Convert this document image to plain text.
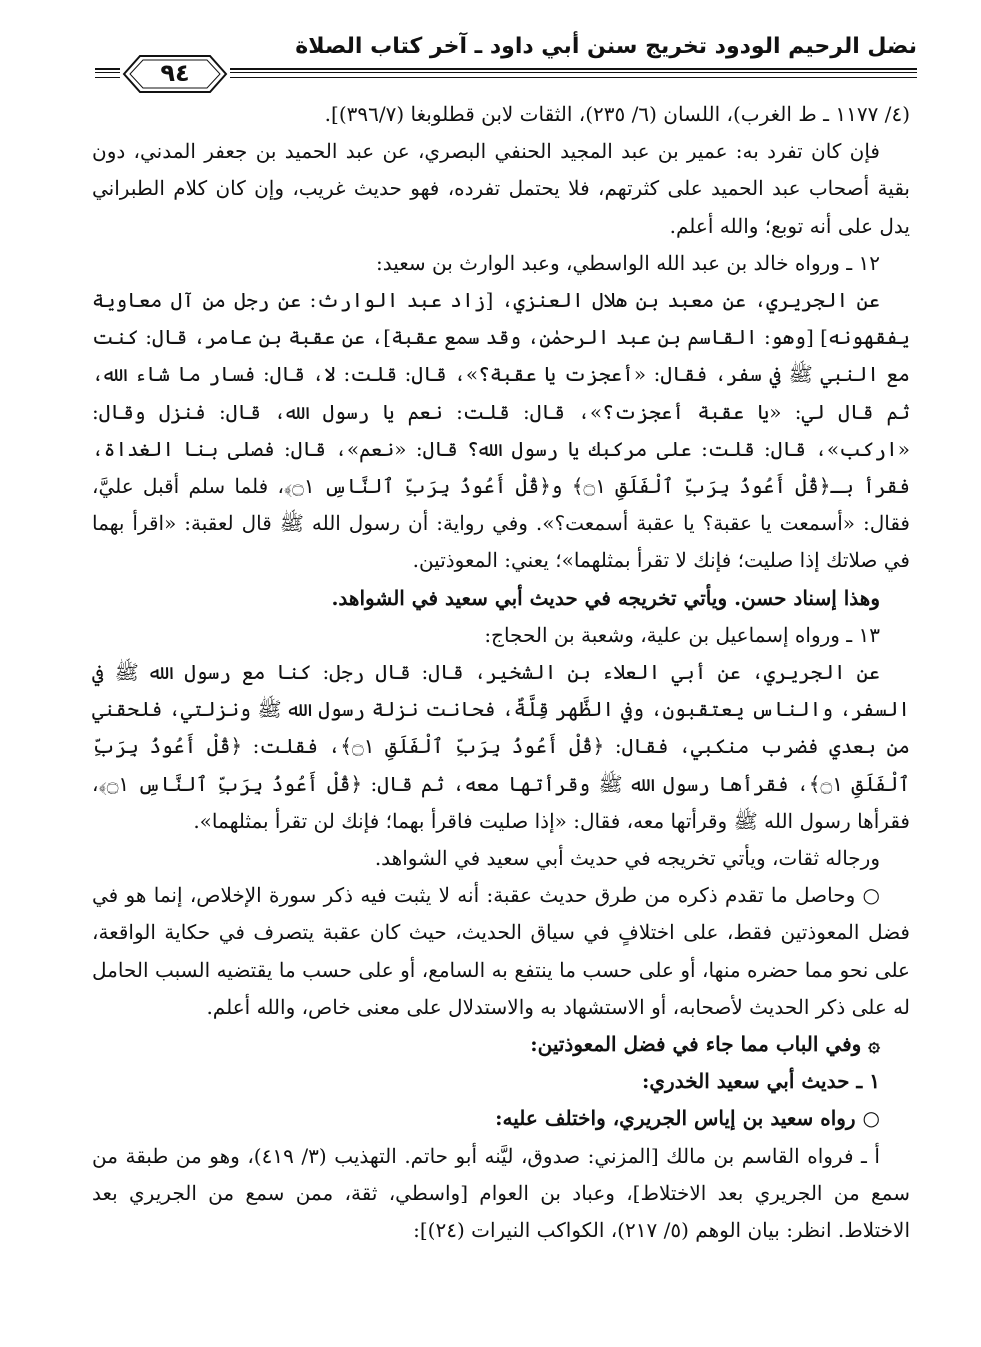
نضل الرحيم الودود تخريج سنن أبي داود ـ آخر كتاب الصلاة
٩٤

(٤/ ١١٧٧ ـ ط الغرب)، اللسان (٦/ ٢٣٥)، الثقات لابن قطلوبغا (٣٩٦/٧)].

فإن كان تفرد به: عمير بن عبد المجيد الحنفي البصري، عن عبد الحميد بن جعفر المدني، دون بقية أصحاب عبد الحميد على كثرتهم، فلا يحتمل تفرده، فهو حديث غريب، وإن كان كلام الطبراني يدل على أنه توبع؛ والله أعلم.

١٢ ـ ورواه خالد بن عبد الله الواسطي، وعبد الوارث بن سعيد:

عن الجريري، عن معبد بن هلال العنزي، [زاد عبد الوارث: عن رجل من آل معاوية يفقهونه] [وهو: القاسم بن عبد الرحمٰن، وقد سمع عقبة]، عن عقبة بن عامر، قال: كنت مع النبي ﷺ في سفر، فقال: «أعجزت يا عقبة؟»، قال: قلت: لا، قال: فسار ما شاء الله، ثم قال لي: «يا عقبة أعجزت؟»، قال: قلت: نعم يا رسول الله، قال: فنزل وقال: «اركب»، قال: قلت: على مركبك يا رسول الله؟ قال: «نعم»، قال: فصلى بنا الغداة، فقرأ بـ﴿قُلْ أَعُوذُ بِرَبِّ ٱلْفَلَقِ ۝١﴾ و﴿قُلْ أَعُوذُ بِرَبِّ ٱلنَّاسِ ۝١﴾، فلما سلم أقبل عليَّ، فقال: «أسمعت يا عقبة؟ يا عقبة أسمعت؟». وفي رواية: أن رسول الله ﷺ قال لعقبة: «اقرأ بهما في صلاتك إذا صليت؛ فإنك لا تقرأ بمثلهما»؛ يعني: المعوذتين.

وهذا إسناد حسن. ويأتي تخريجه في حديث أبي سعيد في الشواهد.

١٣ ـ ورواه إسماعيل بن علية، وشعبة بن الحجاج:

عن الجريري، عن أبي العلاء بن الشخير، قال: قال رجل: كنا مع رسول الله ﷺ في السفر، والناس يعتقبون، وفي الظَّهر قِلَّةٌ، فحانت نزلة رسول الله ﷺ ونزلتي، فلحقني من بعدي فضرب منكبي، فقال: ﴿قُلْ أَعُوذُ بِرَبِّ ٱلْفَلَقِ ۝١﴾، فقلت: ﴿قُلْ أَعُوذُ بِرَبِّ ٱلْفَلَقِ ۝١﴾، فقرأها رسول الله ﷺ وقرأتها معه، ثم قال: ﴿قُلْ أَعُوذُ بِرَبِّ ٱلنَّاسِ ۝١﴾، فقرأها رسول الله ﷺ وقرأتها معه، فقال: «إذا صليت فاقرأ بهما؛ فإنك لن تقرأ بمثلهما».

ورجاله ثقات، ويأتي تخريجه في حديث أبي سعيد في الشواهد.

○ وحاصل ما تقدم ذكره من طرق حديث عقبة: أنه لا يثبت فيه ذكر سورة الإخلاص، إنما هو في فضل المعوذتين فقط، على اختلافٍ في سياق الحديث، حيث كان عقبة يتصرف في حكاية الواقعة، على نحو مما حضره منها، أو على حسب ما ينتفع به السامع، أو على حسب ما يقتضيه السبب الحامل له على ذكر الحديث لأصحابه، أو الاستشهاد به والاستدلال على معنى خاص، والله أعلم.

۞ وفي الباب مما جاء في فضل المعوذتين:

١ ـ حديث أبي سعيد الخدري:

○ رواه سعيد بن إياس الجريري، واختلف عليه:

أ ـ فرواه القاسم بن مالك [المزني: صدوق، ليَّنه أبو حاتم. التهذيب (٣/ ٤١٩)، وهو من طبقة من سمع من الجريري بعد الاختلاط]، وعباد بن العوام [واسطي، ثقة، ممن سمع من الجريري بعد الاختلاط. انظر: بيان الوهم (٥/ ٢١٧)، الكواكب النيرات (٢٤)]:
